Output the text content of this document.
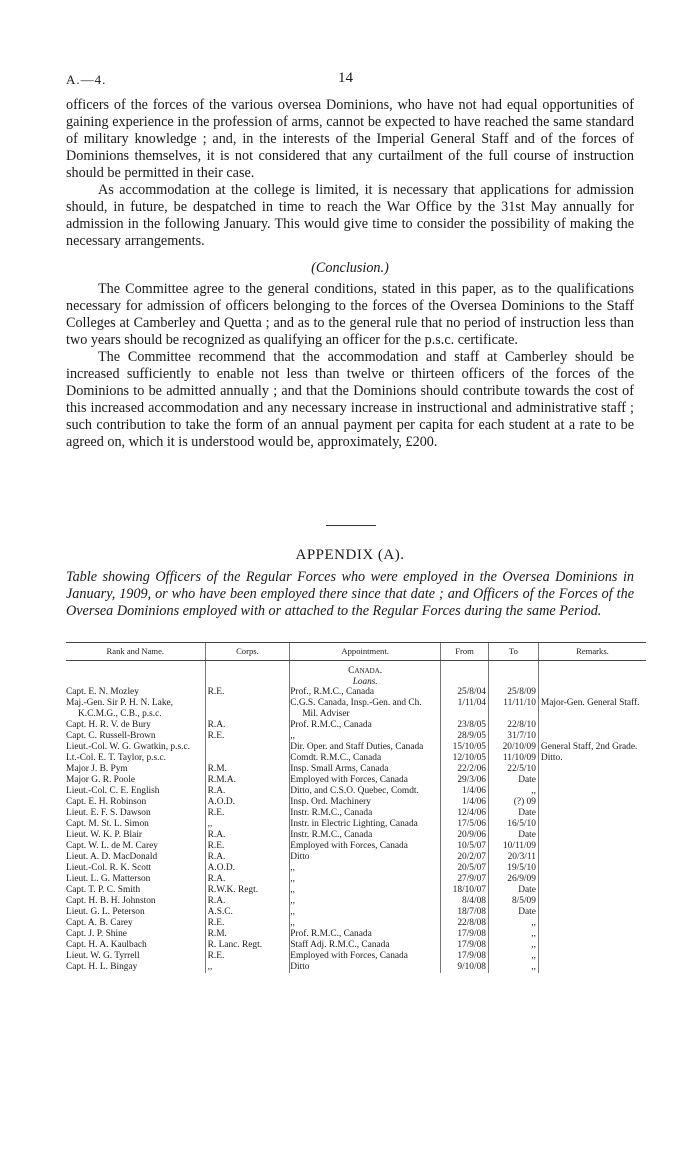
A.—4.	14

officers of the forces of the various oversea Dominions, who have not had equal opportunities of gaining experience in the profession of arms, cannot be expected to have reached the same standard of military knowledge ; and, in the interests of the Imperial General Staff and of the forces of Dominions themselves, it is not considered that any curtailment of the full course of instruction should be permitted in their case.

As accommodation at the college is limited, it is necessary that applications for admission should, in future, be despatched in time to reach the War Office by the 31st May annually for admission in the following January. This would give time to consider the possibility of making the necessary arrangements.

(Conclusion.)

The Committee agree to the general conditions, stated in this paper, as to the qualifications necessary for admission of officers belonging to the forces of the Oversea Dominions to the Staff Colleges at Camberley and Quetta ; and as to the general rule that no period of instruction less than two years should be recognized as qualifying an officer for the p.s.c. certificate.

The Committee recommend that the accommodation and staff at Camberley should be increased sufficiently to enable not less than twelve or thirteen officers of the forces of the Dominions to be admitted annually ; and that the Dominions should contribute towards the cost of this increased accommodation and any necessary increase in instructional and administrative staff ; such contribution to take the form of an annual payment per capita for each student at a rate to be agreed on, which it is understood would be, approximately, £200.

APPENDIX (A).
Table showing Officers of the Regular Forces who were employed in the Oversea Dominions in January, 1909, or who have been employed there since that date ; and Officers of the Forces of the Oversea Dominions employed with or attached to the Regular Forces during the same Period.
Rank and Name.	Corps.	Appointment.	From	To	Remarks.
		Canada.			
		Loans.			
Capt. E. N. Mozley	R.E.	Prof., R.M.C., Canada	25/8/04	25/8/09	
Maj.-Gen. Sir P. H. N. Lake, K.C.M.G., C.B., p.s.c.		C.G.S. Canada, Insp.-Gen. and Ch. Mil. Adviser	1/11/04	11/11/10	Major-Gen. General Staff.
Capt. H. R. V. de Bury	R.A.	Prof. R.M.C., Canada	23/8/05	22/8/10	
Capt. C. Russell-Brown	R.E.	,,	28/9/05	31/7/10	
Lieut.-Col. W. G. Gwatkin, p.s.c.		Dir. Oper. and Staff Duties, Canada	15/10/05	20/10/09	General Staff, 2nd Grade.
Lt.-Col. E. T. Taylor, p.s.c.		Comdt. R.M.C., Canada	12/10/05	11/10/09	Ditto.
Major J. B. Pym	R.M.	Insp. Small Arms, Canada	22/2/06	22/5/10	
Major G. R. Poole	R.M.A.	Employed with Forces, Canada	29/3/06	Date	
Lieut.-Col. C. E. English	R.A.	Ditto, and C.S.O. Quebec, Comdt.	1/4/06	,,	
Capt. E. H. Robinson	A.O.D.	Insp. Ord. Machinery	1/4/06	(?) 09	
Lieut. E. F. S. Dawson	R.E.	Instr. R.M.C., Canada	12/4/06	Date	
Capt. M. St. L. Simon	,,	Instr. in Electric Lighting, Canada	17/5/06	16/5/10	
Lieut. W. K. P. Blair	R.A.	Instr. R.M.C., Canada	20/9/06	Date	
Capt. W. L. de M. Carey	R.E.	Employed with Forces, Canada	10/5/07	10/11/09	
Lieut. A. D. MacDonald	R.A.	Ditto	20/2/07	20/3/11	
Lieut.-Col. R. K. Scott	A.O.D.	,,	20/5/07	19/5/10	
Lieut. L. G. Matterson	R.A.	,,	27/9/07	26/9/09	
Capt. T. P. C. Smith	R.W.K. Regt.	,,	18/10/07	Date	
Capt. H. B. H. Johnston	R.A.	,,	8/4/08	8/5/09	
Lieut. G. L. Peterson	A.S.C.	,,	18/7/08	Date	
Capt. A. B. Carey	R.E.	,,	22/8/08	,,	
Capt. J. P. Shine	R.M.	Prof. R.M.C., Canada	17/9/08	,,	
Capt. H. A. Kaulbach	R. Lanc. Regt.	Staff Adj. R.M.C., Canada	17/9/08	,,	
Lieut. W. G. Tyrrell	R.E.	Employed with Forces, Canada	17/9/08	,,	
Capt. H. L. Bingay	,,	Ditto	9/10/08	,,	
